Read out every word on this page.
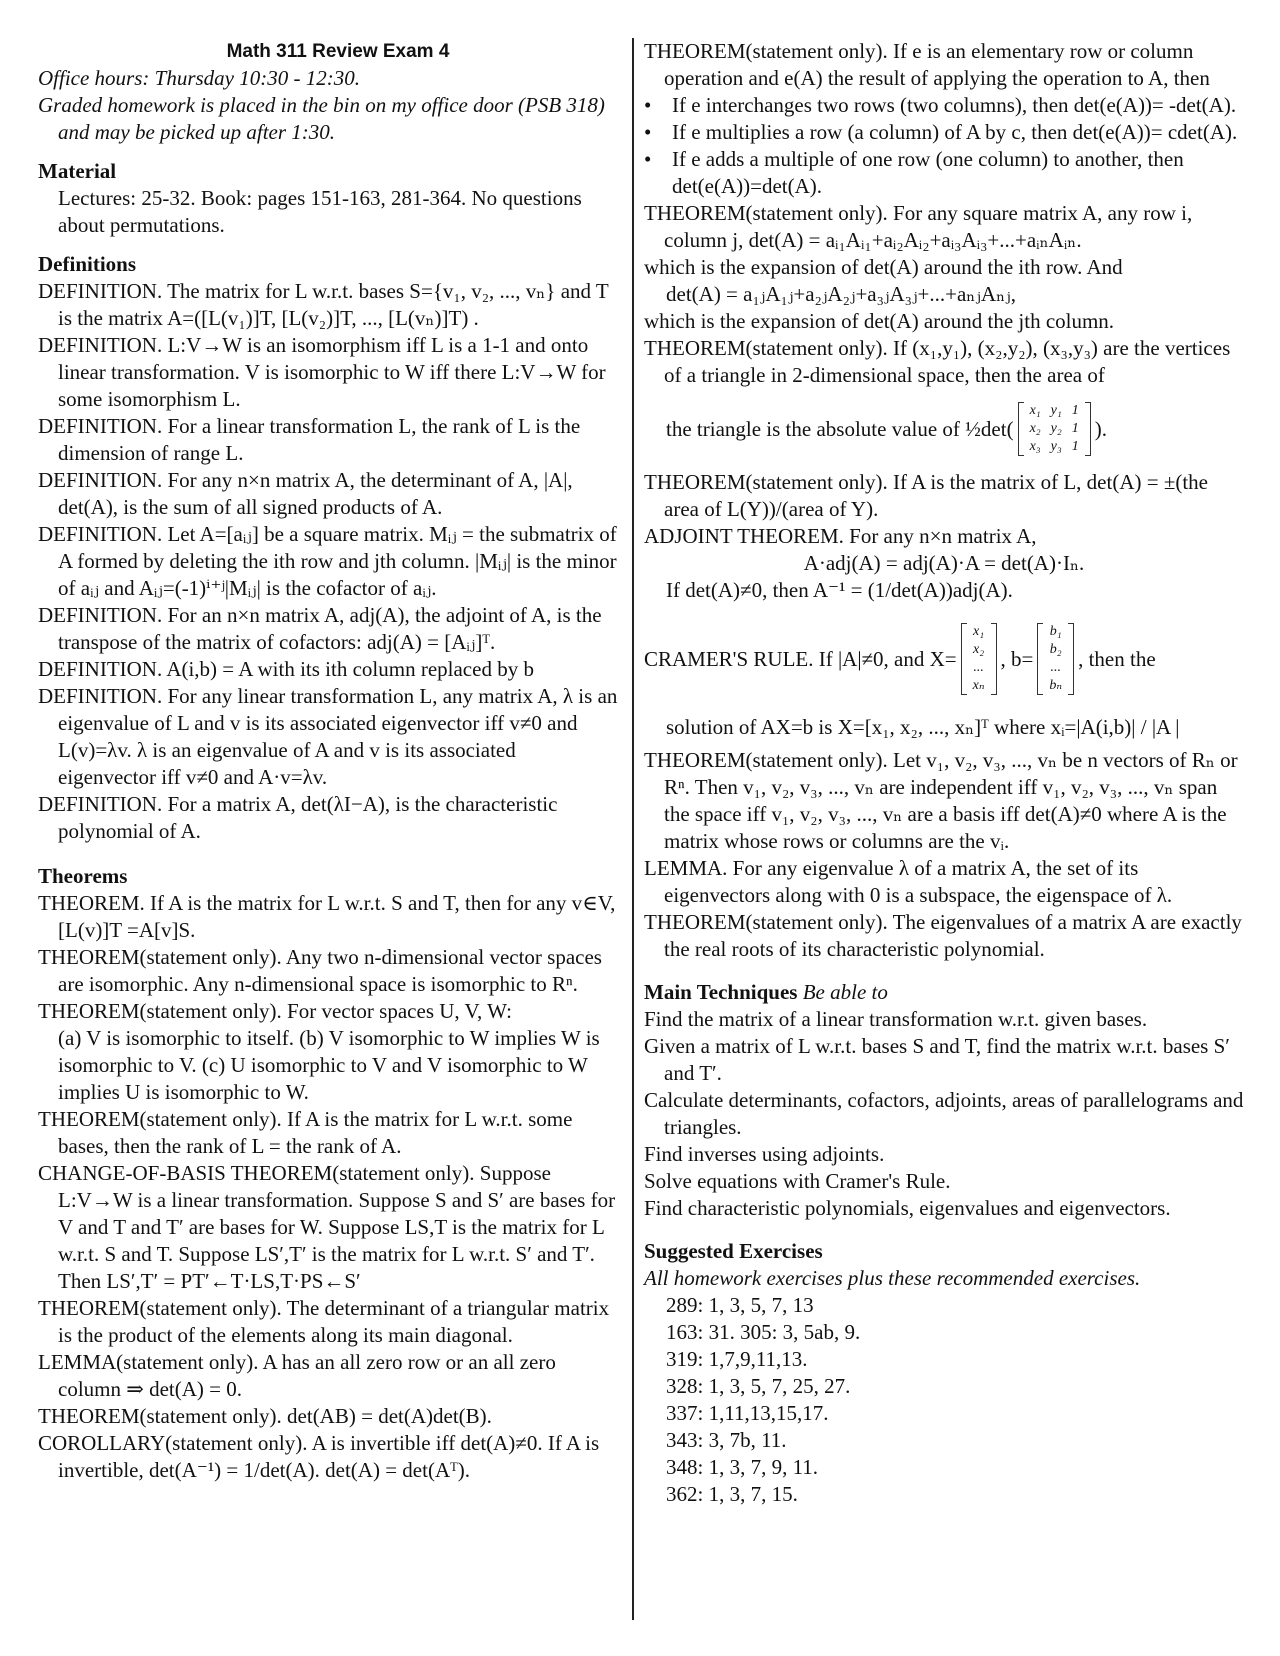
Math 311 Review Exam 4
Office hours: Thursday 10:30 - 12:30.
Graded homework is placed in the bin on my office door (PSB 318) and may be picked up after 1:30.
Material
Lectures: 25-32. Book: pages 151-163, 281-364. No questions about permutations.
Definitions
DEFINITION. The matrix for L w.r.t. bases S={v₁, v₂, ..., vₙ} and T is the matrix A=([L(v₁)]T, [L(v₂)]T, ..., [L(vₙ)]T) .
DEFINITION. L:V→W is an isomorphism iff L is a 1-1 and onto linear transformation. V is isomorphic to W iff there L:V→W for some isomorphism L.
DEFINITION. For a linear transformation L, the rank of L is the dimension of range L.
DEFINITION. For any n×n matrix A, the determinant of A, |A|, det(A), is the sum of all signed products of A.
DEFINITION. Let A=[aᵢⱼ] be a square matrix. Mᵢⱼ = the submatrix of A formed by deleting the ith row and jth column. |Mᵢⱼ| is the minor of aᵢⱼ and Aᵢⱼ=(-1)ⁱ⁺ʲ|Mᵢⱼ| is the cofactor of aᵢⱼ.
DEFINITION. For an n×n matrix A, adj(A), the adjoint of A, is the transpose of the matrix of cofactors: adj(A) = [Aᵢⱼ]ᵀ.
DEFINITION. A(i,b) = A with its ith column replaced by b
DEFINITION. For any linear transformation L, any matrix A, λ is an eigenvalue of L and v is its associated eigenvector iff v≠0 and L(v)=λv. λ is an eigenvalue of A and v is its associated eigenvector iff v≠0 and A·v=λv.
DEFINITION. For a matrix A, det(λI−A), is the characteristic polynomial of A.
Theorems
THEOREM. If A is the matrix for L w.r.t. S and T, then for any v∈V, [L(v)]T =A[v]S.
THEOREM(statement only). Any two n-dimensional vector spaces are isomorphic. Any n-dimensional space is isomorphic to Rⁿ.
THEOREM(statement only). For vector spaces U, V, W:
(a) V is isomorphic to itself. (b) V isomorphic to W implies W is isomorphic to V. (c) U isomorphic to V and V isomorphic to W implies U is isomorphic to W.
THEOREM(statement only). If A is the matrix for L w.r.t. some bases, then the rank of L = the rank of A.
CHANGE-OF-BASIS THEOREM(statement only). Suppose L:V→W is a linear transformation. Suppose S and S′ are bases for V and T and T′ are bases for W. Suppose LS,T is the matrix for L w.r.t. S and T. Suppose LS′,T′ is the matrix for L w.r.t. S′ and T′. Then LS′,T′ = PT′←T·LS,T·PS←S′
THEOREM(statement only). The determinant of a triangular matrix is the product of the elements along its main diagonal.
LEMMA(statement only). A has an all zero row or an all zero column ⇒ det(A) = 0.
THEOREM(statement only). det(AB) = det(A)det(B).
COROLLARY(statement only). A is invertible iff det(A)≠0. If A is invertible, det(A⁻¹) = 1/det(A). det(A) = det(Aᵀ).
THEOREM(statement only). If e is an elementary row or column operation and e(A) the result of applying the operation to A, then
• If e interchanges two rows (two columns), then det(e(A))= -det(A).
• If e multiplies a row (a column) of A by c, then det(e(A))= cdet(A).
• If e adds a multiple of one row (one column) to another, then det(e(A))=det(A).
THEOREM(statement only). For any square matrix A, any row i, column j, det(A) = aᵢ₁Aᵢ₁+aᵢ₂Aᵢ₂+aᵢ₃Aᵢ₃+...+aᵢₙAᵢₙ.
which is the expansion of det(A) around the ith row. And
det(A) = a₁ⱼA₁ⱼ+a₂ⱼA₂ⱼ+a₃ⱼA₃ⱼ+...+aₙⱼAₙⱼ,
which is the expansion of det(A) around the jth column.
THEOREM(statement only). If (x₁,y₁), (x₂,y₂), (x₃,y₃) are the vertices of a triangle in 2-dimensional space, then the area of
the triangle is the absolute value of ½det(
x₁	y₁	1
x₂	y₂	1
x₃	y₃	1
).
THEOREM(statement only). If A is the matrix of L, det(A) = ±(the area of L(Y))/(area of Y).
ADJOINT THEOREM. For any n×n matrix A,
A·adj(A) = adj(A)·A = det(A)·Iₙ.
If det(A)≠0, then A⁻¹ = (1/det(A))adj(A).
CRAMER'S RULE. If |A|≠0, and X=
x₁
x₂
...
xₙ
, b=
b₁
b₂
...
bₙ
, then the
solution of AX=b is X=[x₁, x₂, ..., xₙ]ᵀ where xᵢ=|A(i,b)| / |A |
THEOREM(statement only). Let v₁, v₂, v₃, ..., vₙ be n vectors of Rₙ or Rⁿ. Then v₁, v₂, v₃, ..., vₙ are independent iff v₁, v₂, v₃, ..., vₙ span the space iff v₁, v₂, v₃, ..., vₙ are a basis iff det(A)≠0 where A is the matrix whose rows or columns are the vᵢ.
LEMMA. For any eigenvalue λ of a matrix A, the set of its eigenvectors along with 0 is a subspace, the eigenspace of λ.
THEOREM(statement only). The eigenvalues of a matrix A are exactly the real roots of its characteristic polynomial.
Main Techniques Be able to
Find the matrix of a linear transformation w.r.t. given bases.
Given a matrix of L w.r.t. bases S and T, find the matrix w.r.t. bases S′ and T′.
Calculate determinants, cofactors, adjoints, areas of parallelograms and triangles.
Find inverses using adjoints.
Solve equations with Cramer's Rule.
Find characteristic polynomials, eigenvalues and eigenvectors.
Suggested Exercises
All homework exercises plus these recommended exercises.
289: 1, 3, 5, 7, 13
163: 31. 305: 3, 5ab, 9.
319: 1,7,9,11,13.
328: 1, 3, 5, 7, 25, 27.
337: 1,11,13,15,17.
343: 3, 7b, 11.
348: 1, 3, 7, 9, 11.
362: 1, 3, 7, 15.
